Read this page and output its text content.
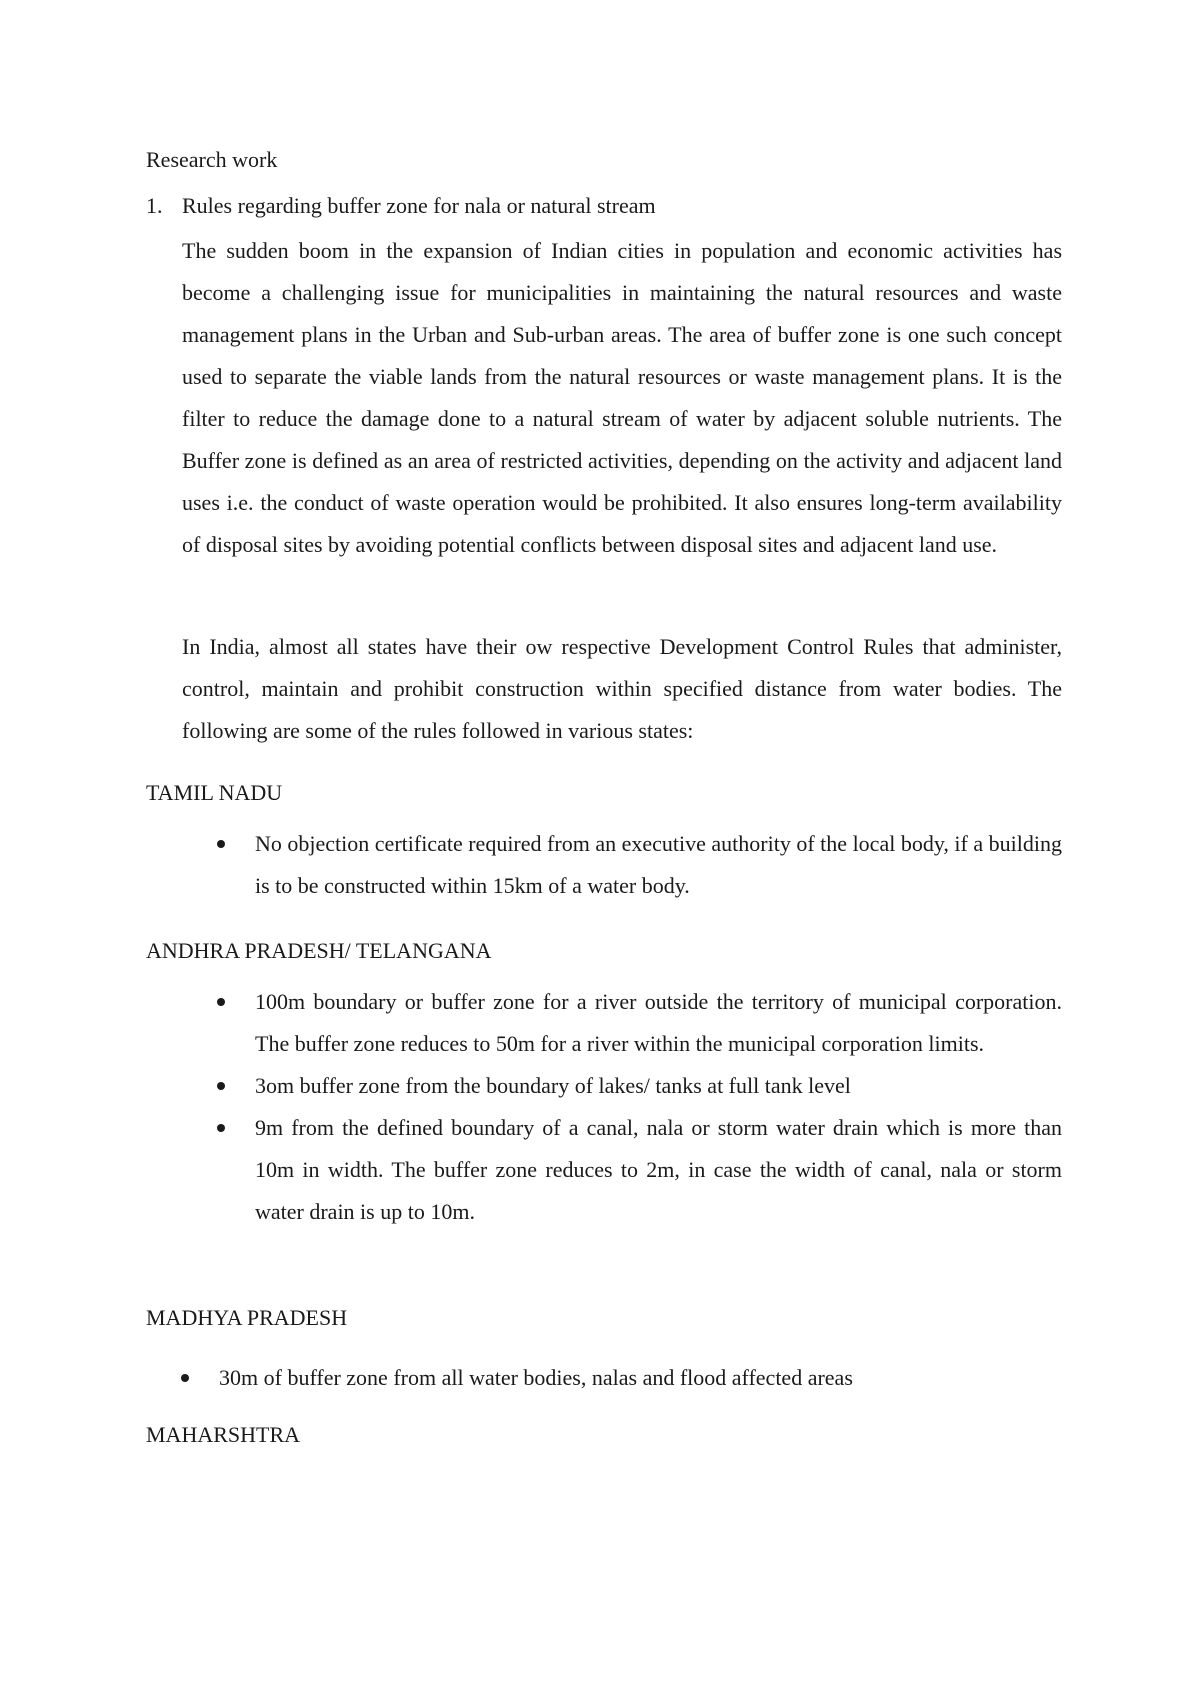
Research work
1. Rules regarding buffer zone for nala or natural stream

The sudden boom in the expansion of Indian cities in population and economic activities has become a challenging issue for municipalities in maintaining the natural resources and waste management plans in the Urban and Sub-urban areas. The area of buffer zone is one such concept used to separate the viable lands from the natural resources or waste management plans. It is the filter to reduce the damage done to a natural stream of water by adjacent soluble nutrients. The Buffer zone is defined as an area of restricted activities, depending on the activity and adjacent land uses i.e. the conduct of waste operation would be prohibited. It also ensures long-term availability of disposal sites by avoiding potential conflicts between disposal sites and adjacent land use.

In India, almost all states have their ow respective Development Control Rules that administer, control, maintain and prohibit construction within specified distance from water bodies. The following are some of the rules followed in various states:

TAMIL NADU
No objection certificate required from an executive authority of the local body, if a building is to be constructed within 15km of a water body.
ANDHRA PRADESH/ TELANGANA
100m boundary or buffer zone for a river outside the territory of municipal corporation. The buffer zone reduces to 50m for a river within the municipal corporation limits.
3om buffer zone from the boundary of lakes/ tanks at full tank level
9m from the defined boundary of a canal, nala or storm water drain which is more than 10m in width. The buffer zone reduces to 2m, in case the width of canal, nala or storm water drain is up to 10m.
MADHYA PRADESH
30m of buffer zone from all water bodies, nalas and flood affected areas
MAHARSHTRA
